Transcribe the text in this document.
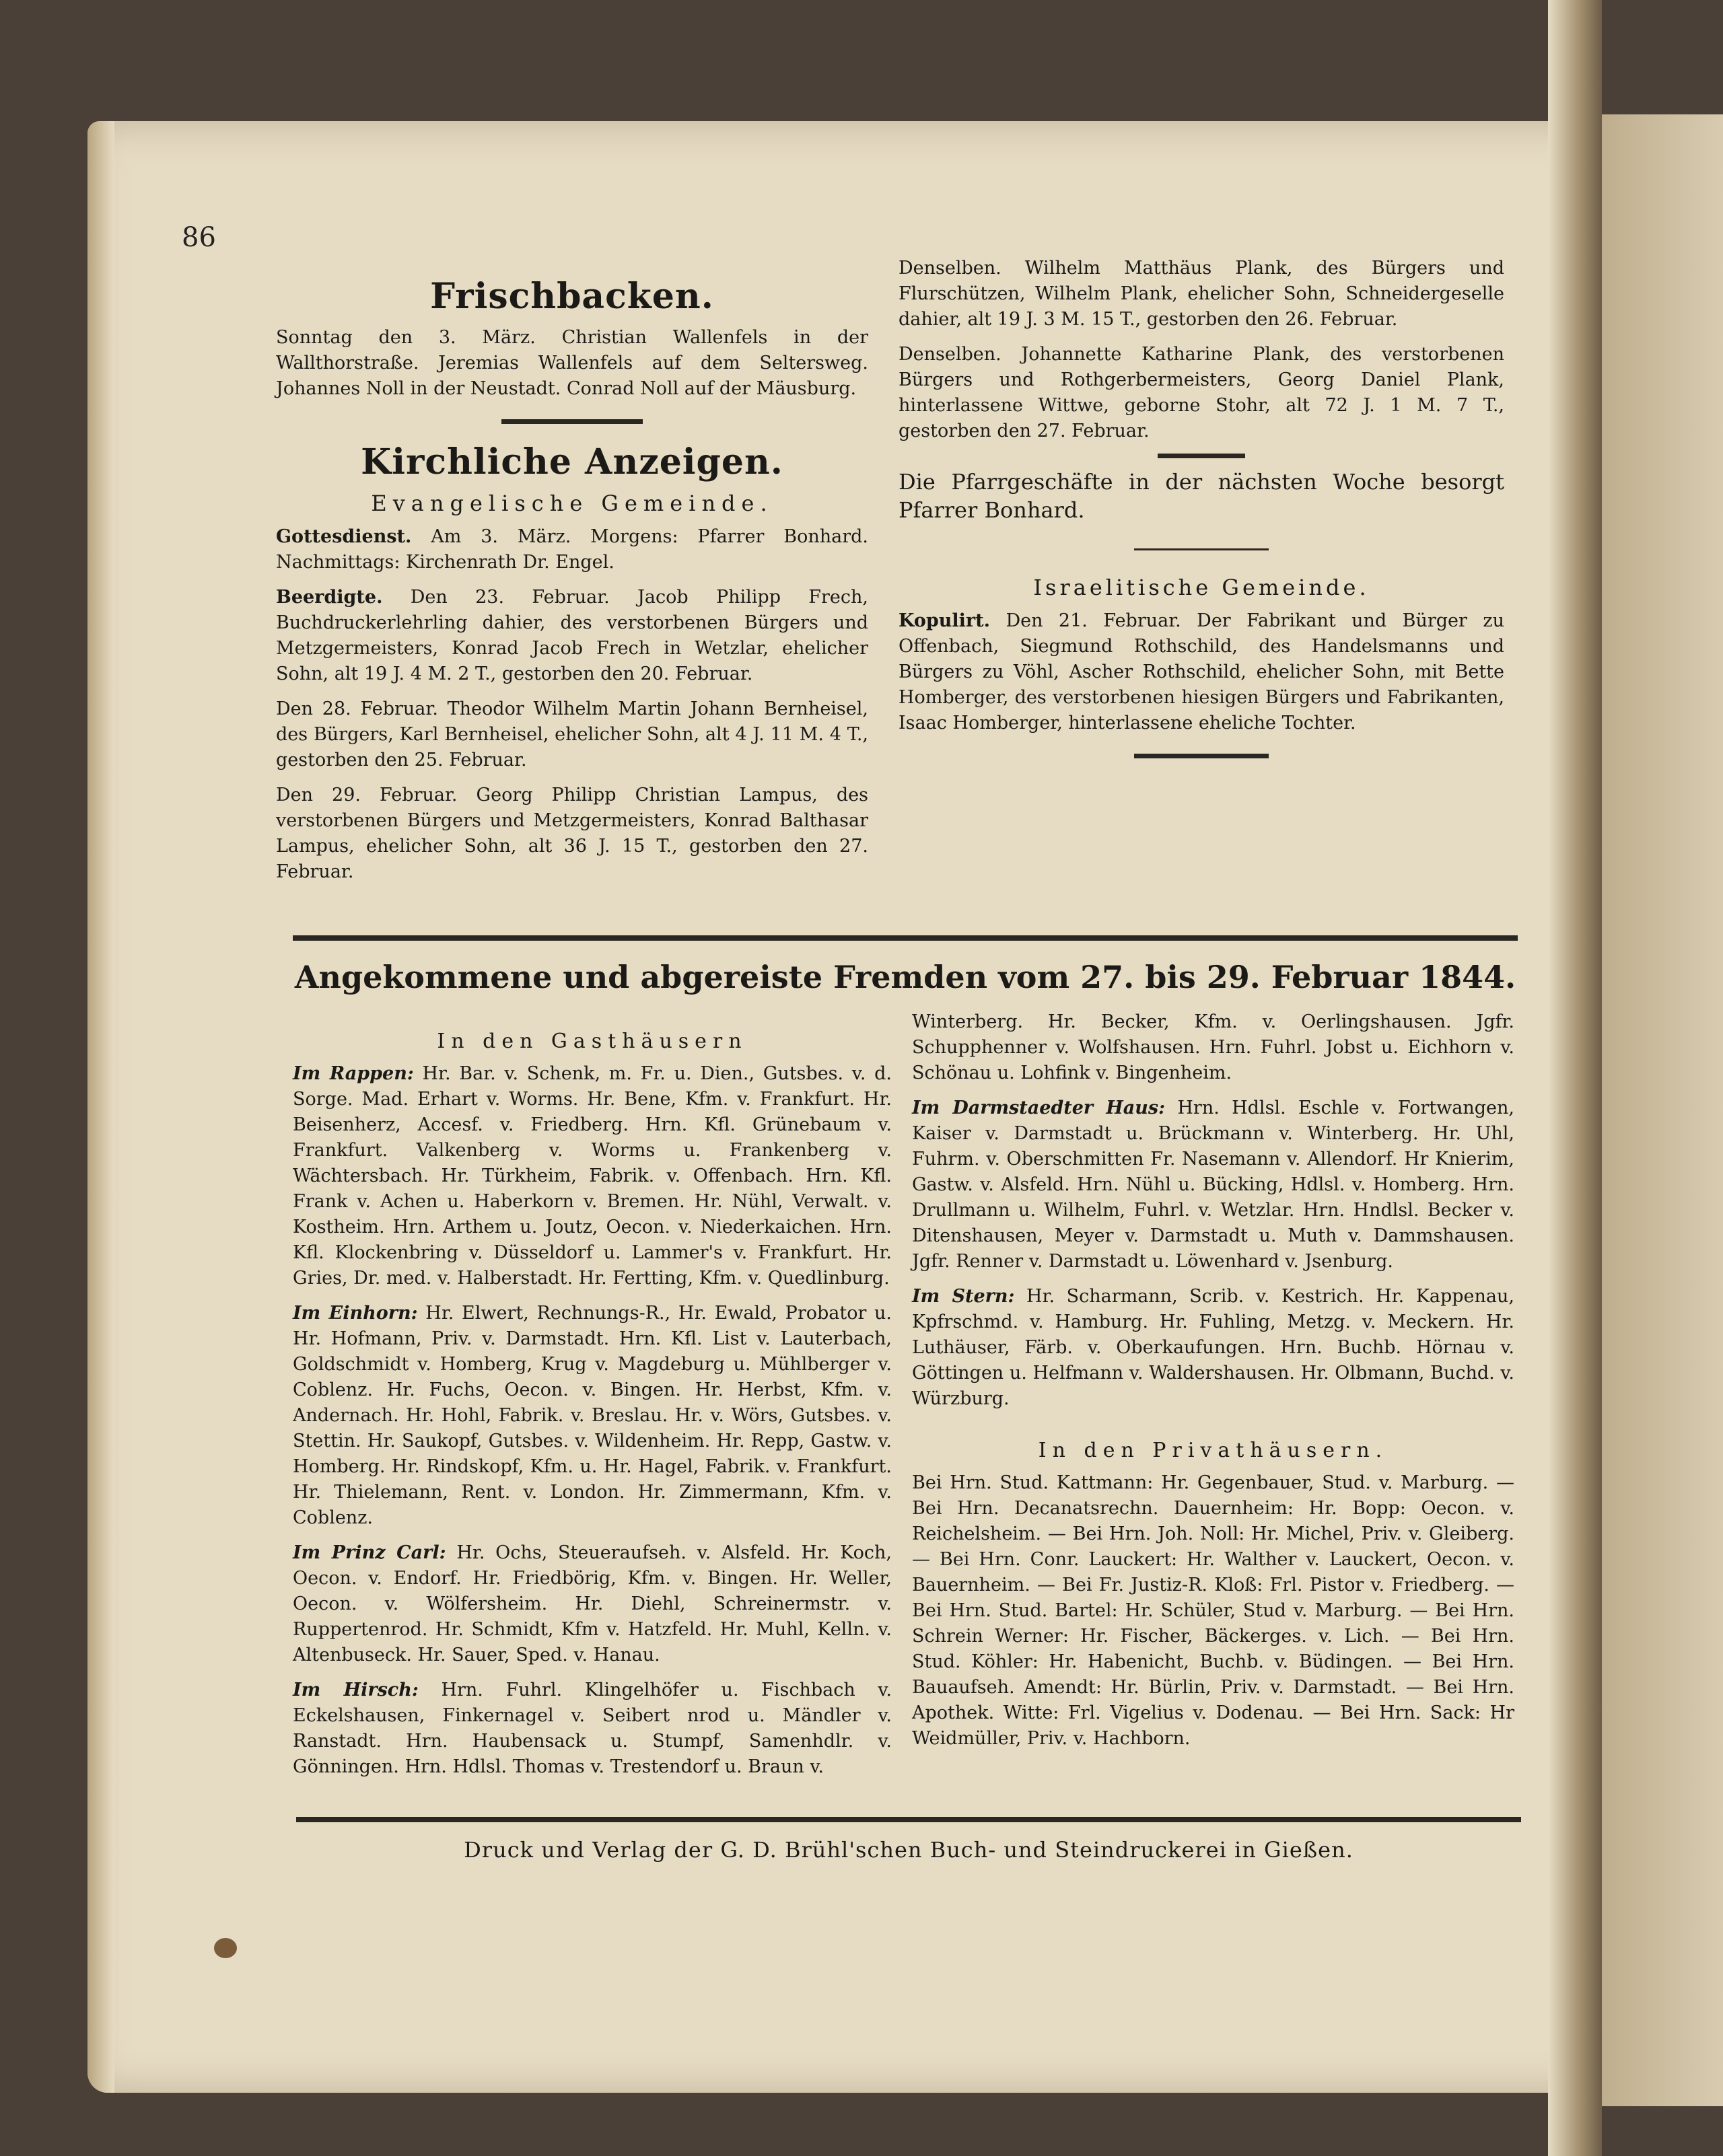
86
Frischbacken.

Sonntag den 3. März. Christian Wallenfels in der Wallthorstraße. Jeremias Wallenfels auf dem Seltersweg. Johannes Noll in der Neustadt. Conrad Noll auf der Mäusburg.

Kirchliche Anzeigen.
Evangelische Gemeinde.

Gottesdienst. Am 3. März. Morgens: Pfarrer Bonhard. Nachmittags: Kirchenrath Dr. Engel.

Beerdigte. Den 23. Februar. Jacob Philipp Frech, Buchdruckerlehrling dahier, des verstorbenen Bürgers und Metzgermeisters, Konrad Jacob Frech in Wetzlar, ehelicher Sohn, alt 19 J. 4 M. 2 T., gestorben den 20. Februar.

Den 28. Februar. Theodor Wilhelm Martin Johann Bernheisel, des Bürgers, Karl Bernheisel, ehelicher Sohn, alt 4 J. 11 M. 4 T., gestorben den 25. Februar.

Den 29. Februar. Georg Philipp Christian Lampus, des verstorbenen Bürgers und Metzgermeisters, Konrad Balthasar Lampus, ehelicher Sohn, alt 36 J. 15 T., gestorben den 27. Februar.

Denselben. Wilhelm Matthäus Plank, des Bürgers und Flurschützen, Wilhelm Plank, ehelicher Sohn, Schneidergeselle dahier, alt 19 J. 3 M. 15 T., gestorben den 26. Februar.

Denselben. Johannette Katharine Plank, des verstorbenen Bürgers und Rothgerbermeisters, Georg Daniel Plank, hinterlassene Wittwe, geborne Stohr, alt 72 J. 1 M. 7 T., gestorben den 27. Februar.

Die Pfarrgeschäfte in der nächsten Woche besorgt Pfarrer Bonhard.

Israelitische Gemeinde.

Kopulirt. Den 21. Februar. Der Fabrikant und Bürger zu Offenbach, Siegmund Rothschild, des Handelsmanns und Bürgers zu Vöhl, Ascher Rothschild, ehelicher Sohn, mit Bette Homberger, des verstorbenen hiesigen Bürgers und Fabrikanten, Isaac Homberger, hinterlassene eheliche Tochter.

Angekommene und abgereiste Fremden vom 27. bis 29. Februar 1844.
In den Gasthäusern

Im Rappen: Hr. Bar. v. Schenk, m. Fr. u. Dien., Gutsbes. v. d. Sorge. Mad. Erhart v. Worms. Hr. Bene, Kfm. v. Frankfurt. Hr. Beisenherz, Accesf. v. Friedberg. Hrn. Kfl. Grünebaum v. Frankfurt. Valkenberg v. Worms u. Frankenberg v. Wächtersbach. Hr. Türkheim, Fabrik. v. Offenbach. Hrn. Kfl. Frank v. Achen u. Haberkorn v. Bremen. Hr. Nühl, Verwalt. v. Kostheim. Hrn. Arthem u. Joutz, Oecon. v. Niederkaichen. Hrn. Kfl. Klockenbring v. Düsseldorf u. Lammer's v. Frankfurt. Hr. Gries, Dr. med. v. Halberstadt. Hr. Fertting, Kfm. v. Quedlinburg.

Im Einhorn: Hr. Elwert, Rechnungs-R., Hr. Ewald, Probator u. Hr. Hofmann, Priv. v. Darmstadt. Hrn. Kfl. List v. Lauterbach, Goldschmidt v. Homberg, Krug v. Magdeburg u. Mühlberger v. Coblenz. Hr. Fuchs, Oecon. v. Bingen. Hr. Herbst, Kfm. v. Andernach. Hr. Hohl, Fabrik. v. Breslau. Hr. v. Wörs, Gutsbes. v. Stettin. Hr. Saukopf, Gutsbes. v. Wildenheim. Hr. Repp, Gastw. v. Homberg. Hr. Rindskopf, Kfm. u. Hr. Hagel, Fabrik. v. Frankfurt. Hr. Thielemann, Rent. v. London. Hr. Zimmermann, Kfm. v. Coblenz.

Im Prinz Carl: Hr. Ochs, Steueraufseh. v. Alsfeld. Hr. Koch, Oecon. v. Endorf. Hr. Friedbörig, Kfm. v. Bingen. Hr. Weller, Oecon. v. Wölfersheim. Hr. Diehl, Schreinermstr. v. Ruppertenrod. Hr. Schmidt, Kfm v. Hatzfeld. Hr. Muhl, Kelln. v. Altenbuseck. Hr. Sauer, Sped. v. Hanau.

Im Hirsch: Hrn. Fuhrl. Klingelhöfer u. Fischbach v. Eckelshausen, Finkernagel v. Seibert nrod u. Mändler v. Ranstadt. Hrn. Haubensack u. Stumpf, Samenhdlr. v. Gönningen. Hrn. Hdlsl. Thomas v. Trestendorf u. Braun v.

Winterberg. Hr. Becker, Kfm. v. Oerlingshausen. Jgfr. Schupphenner v. Wolfshausen. Hrn. Fuhrl. Jobst u. Eichhorn v. Schönau u. Lohfink v. Bingenheim.

Im Darmstaedter Haus: Hrn. Hdlsl. Eschle v. Fortwangen, Kaiser v. Darmstadt u. Brückmann v. Winterberg. Hr. Uhl, Fuhrm. v. Oberschmitten Fr. Nasemann v. Allendorf. Hr Knierim, Gastw. v. Alsfeld. Hrn. Nühl u. Bücking, Hdlsl. v. Homberg. Hrn. Drullmann u. Wilhelm, Fuhrl. v. Wetzlar. Hrn. Hndlsl. Becker v. Ditenshausen, Meyer v. Darmstadt u. Muth v. Dammshausen. Jgfr. Renner v. Darmstadt u. Löwenhard v. Jsenburg.

Im Stern: Hr. Scharmann, Scrib. v. Kestrich. Hr. Kappenau, Kpfrschmd. v. Hamburg. Hr. Fuhling, Metzg. v. Meckern. Hr. Luthäuser, Färb. v. Oberkaufungen. Hrn. Buchb. Hörnau v. Göttingen u. Helfmann v. Waldershausen. Hr. Olbmann, Buchd. v. Würzburg.

In den Privathäusern.

Bei Hrn. Stud. Kattmann: Hr. Gegenbauer, Stud. v. Marburg. — Bei Hrn. Decanatsrechn. Dauernheim: Hr. Bopp: Oecon. v. Reichelsheim. — Bei Hrn. Joh. Noll: Hr. Michel, Priv. v. Gleiberg. — Bei Hrn. Conr. Lauckert: Hr. Walther v. Lauckert, Oecon. v. Bauernheim. — Bei Fr. Justiz-R. Kloß: Frl. Pistor v. Friedberg. — Bei Hrn. Stud. Bartel: Hr. Schüler, Stud v. Marburg. — Bei Hrn. Schrein Werner: Hr. Fischer, Bäckerges. v. Lich. — Bei Hrn. Stud. Köhler: Hr. Habenicht, Buchb. v. Büdingen. — Bei Hrn. Bauaufseh. Amendt: Hr. Bürlin, Priv. v. Darmstadt. — Bei Hrn. Apothek. Witte: Frl. Vigelius v. Dodenau. — Bei Hrn. Sack: Hr Weidmüller, Priv. v. Hachborn.

Druck und Verlag der G. D. Brühl'schen Buch- und Steindruckerei in Gießen.
